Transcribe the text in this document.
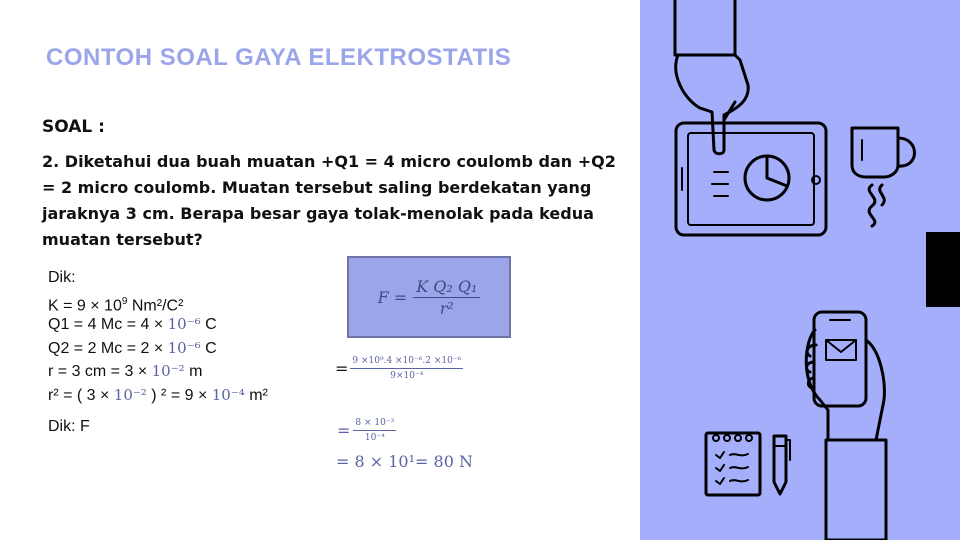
CONTOH SOAL GAYA ELEKTROSTATIS
SOAL :
2. Diketahui dua buah muatan +Q1 = 4 micro coulomb dan +Q2 = 2 micro coulomb. Muatan tersebut saling berdekatan yang jaraknya 3 cm. Berapa besar gaya tolak-menolak pada kedua muatan tersebut?
Dik:
$K = 9 \times 10^9$ Nm²/C²
Q1 = 4 Mc = 4 × 10⁻⁶ C
Q2 = 2 Mc = 2 × 10⁻⁶ C
r = 3 cm = 3 × 10⁻² m
r² = ( 3 × 10⁻² ) ² = 9 × 10⁻⁴ m²
Dik: F
$F = \frac{\text{K Q₂ Q₁}}{\text{r²}}$
= $\frac{\text{9 ×10⁹.4 ×10⁻⁶.2 ×10⁻⁶}}{\text{9×10⁻⁴}}$
= $\frac{\text{8 × 10⁻³}}{\text{10⁻⁴}}$
= 8 × 10¹= 80 N
